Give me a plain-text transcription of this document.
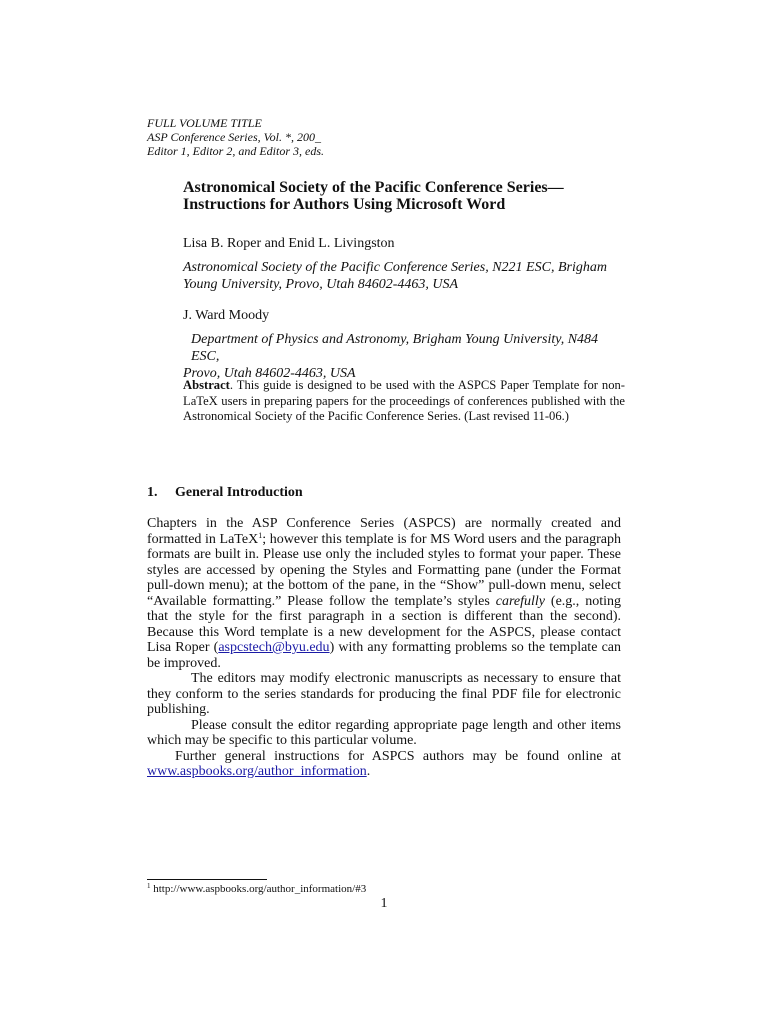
FULL VOLUME TITLE
ASP Conference Series, Vol. *, 200_
Editor 1, Editor 2, and Editor 3, eds.
Astronomical Society of the Pacific Conference Series—
Instructions for Authors Using Microsoft Word
Lisa B. Roper and Enid L. Livingston
Astronomical Society of the Pacific Conference Series, N221 ESC, Brigham
Young University, Provo, Utah 84602-4463, USA
J. Ward Moody
Department of Physics and Astronomy, Brigham Young University, N484 ESC,
Provo, Utah 84602-4463, USA
Abstract. This guide is designed to be used with the ASPCS Paper Template for non-LaTeX users in preparing papers for the proceedings of conferences published with the Astronomical Society of the Pacific Conference Series. (Last revised 11-06.)
1. General Introduction

Chapters in the ASP Conference Series (ASPCS) are normally created and formatted in LaTeX$^1$; however this template is for MS Word users and the paragraph formats are built in. Please use only the included styles to format your paper. These styles are accessed by opening the Styles and Formatting pane (under the Format pull-down menu); at the bottom of the pane, in the “Show” pull-down menu, select “Available formatting.” Please follow the template’s styles carefully (e.g., noting that the style for the first paragraph in a section is different than the second). Because this Word template is a new development for the ASPCS, please contact Lisa Roper (aspcstech@byu.edu) with any formatting problems so the template can be improved.

The editors may modify electronic manuscripts as necessary to ensure that they conform to the series standards for producing the final PDF file for electronic publishing.

Please consult the editor regarding appropriate page length and other items which may be specific to this particular volume.

Further general instructions for ASPCS authors may be found online at www.aspbooks.org/author_information.

$^1$ http://www.aspbooks.org/author_information/#3
1
